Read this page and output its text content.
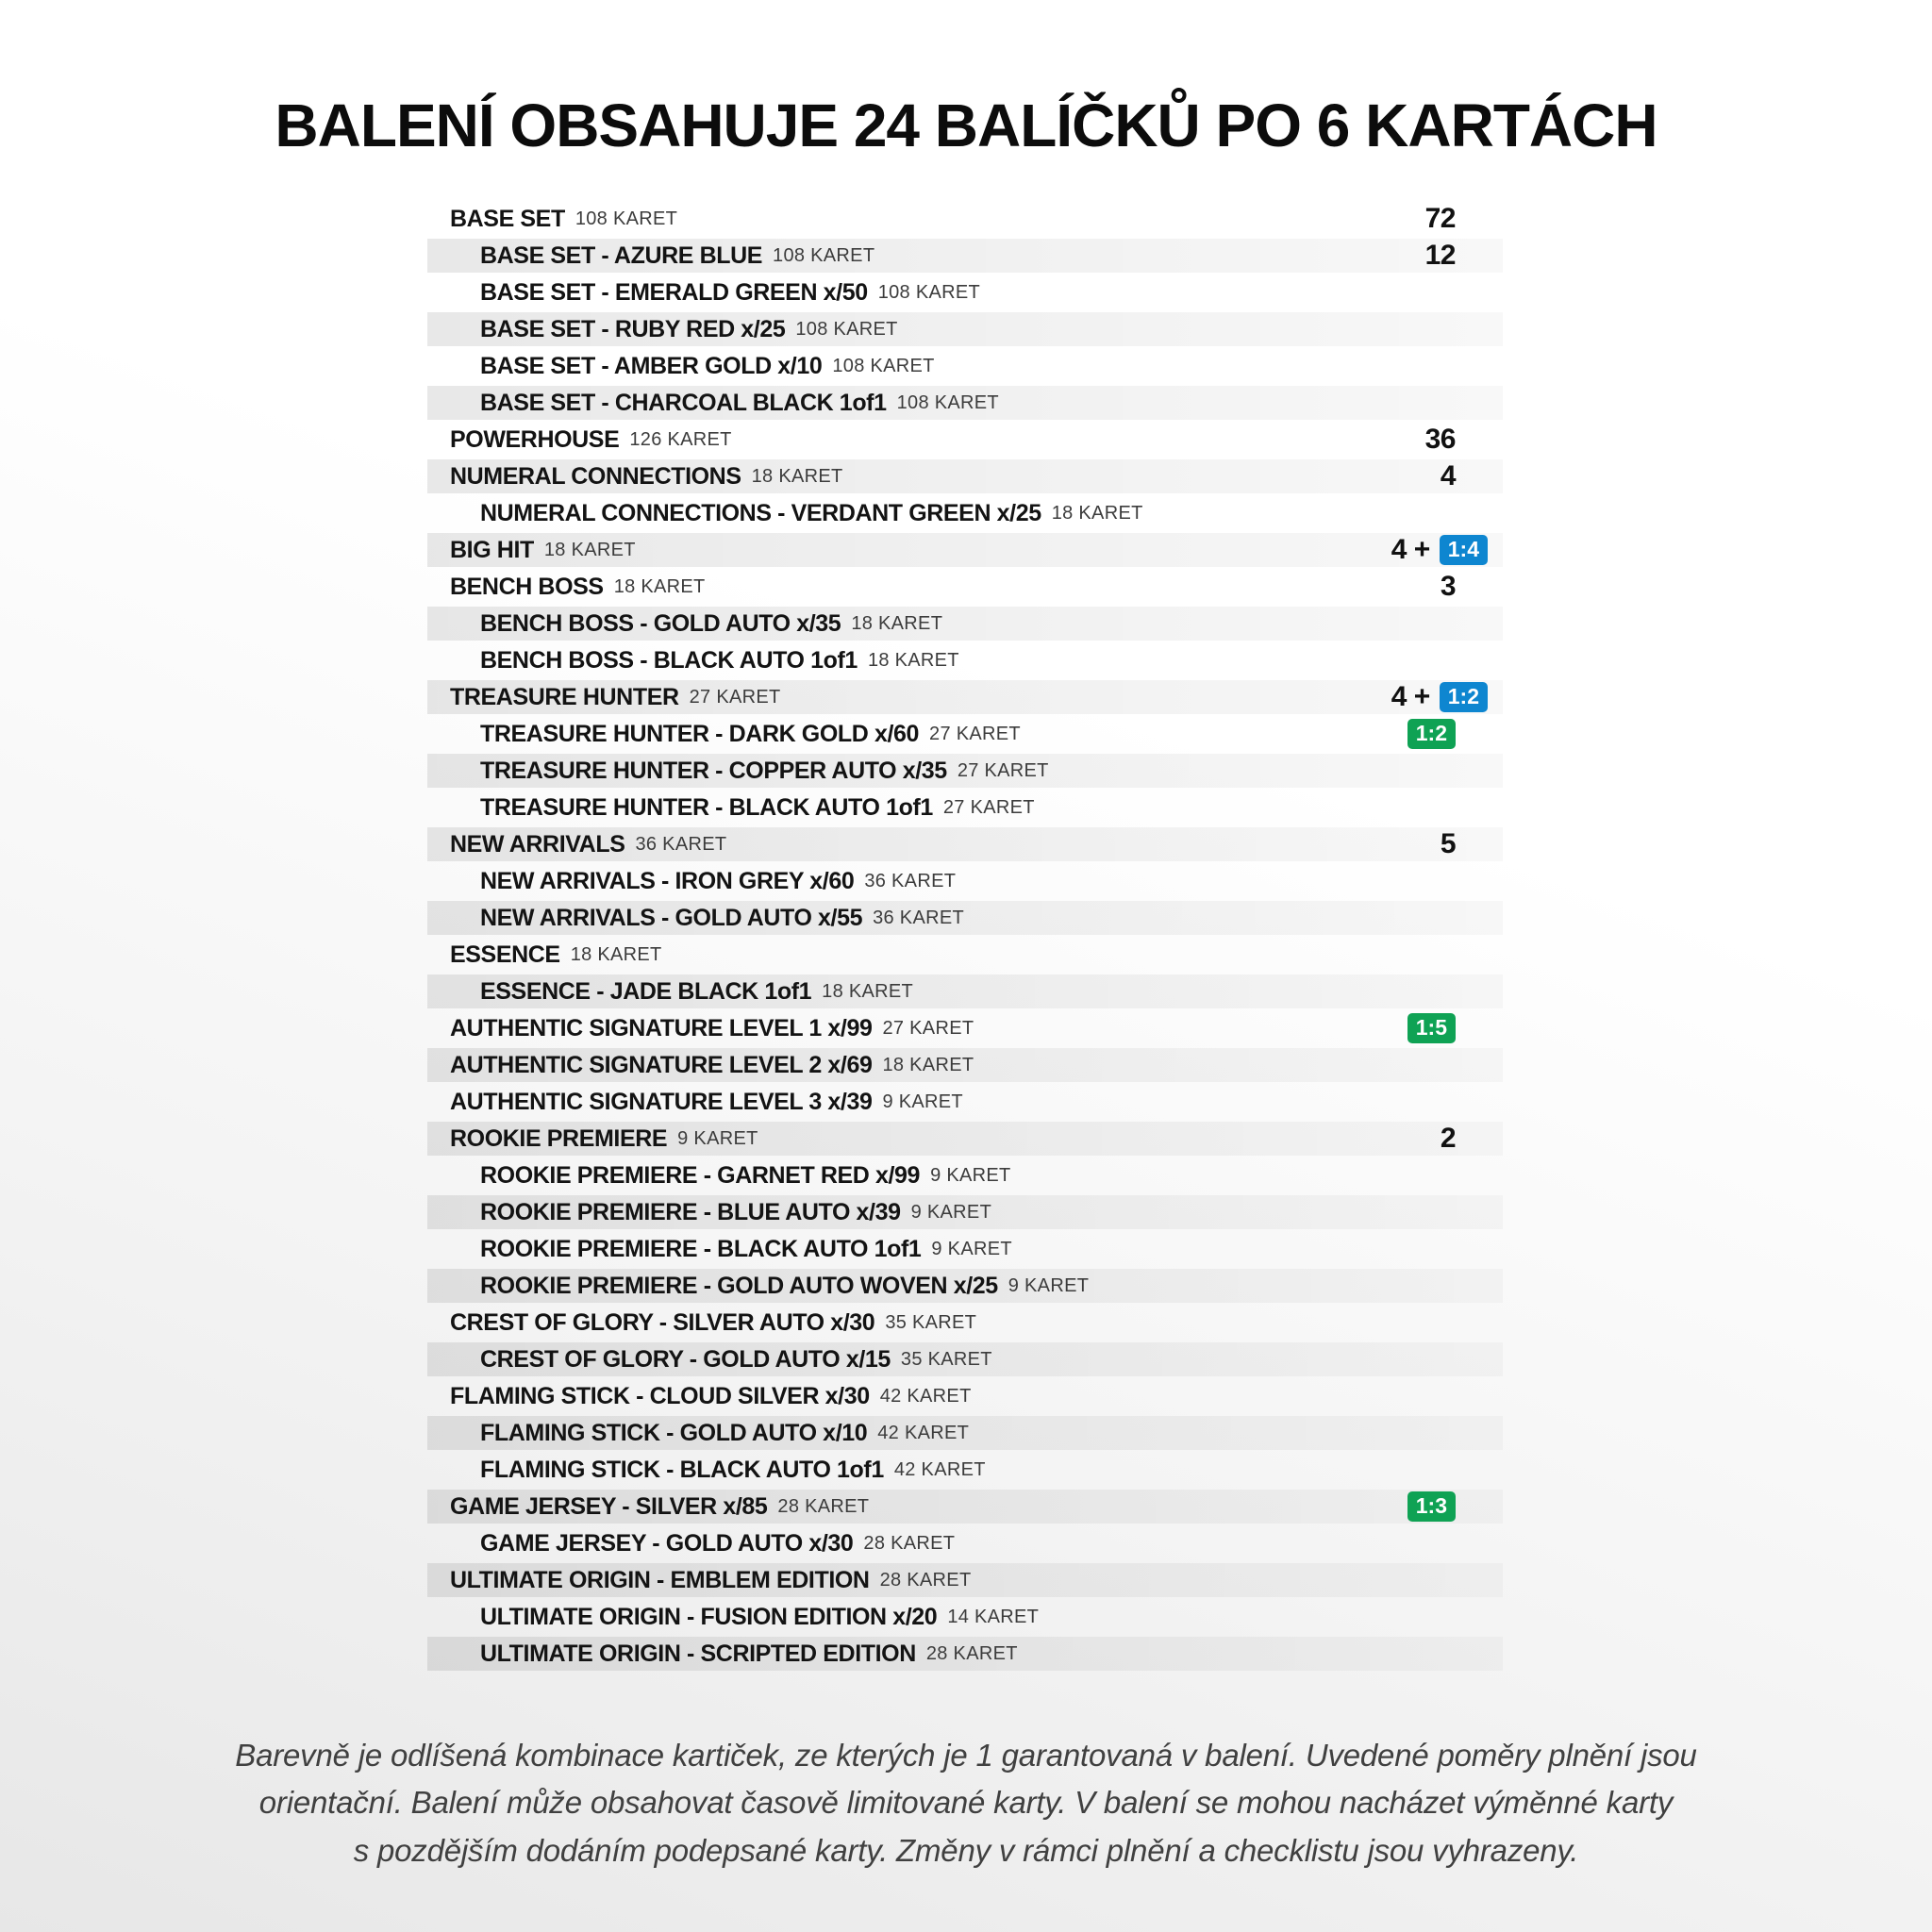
BALENÍ OBSAHUJE 24 BALÍČKŮ PO 6 KARTÁCH
BASE SET 108 KARET	72
BASE SET - AZURE BLUE 108 KARET	12
BASE SET - EMERALD GREEN x/50 108 KARET
BASE SET - RUBY RED x/25 108 KARET
BASE SET - AMBER GOLD x/10 108 KARET
BASE SET - CHARCOAL BLACK 1of1 108 KARET
POWERHOUSE 126 KARET	36
NUMERAL CONNECTIONS 18 KARET	4
NUMERAL CONNECTIONS - VERDANT GREEN x/25 18 KARET
BIG HIT 18 KARET	4 + 1:4
BENCH BOSS 18 KARET	3
BENCH BOSS - GOLD AUTO x/35 18 KARET
BENCH BOSS - BLACK AUTO 1of1 18 KARET
TREASURE HUNTER 27 KARET	4 + 1:2
TREASURE HUNTER - DARK GOLD x/60 27 KARET	1:2
TREASURE HUNTER - COPPER AUTO x/35 27 KARET
TREASURE HUNTER - BLACK AUTO 1of1 27 KARET
NEW ARRIVALS 36 KARET	5
NEW ARRIVALS - IRON GREY x/60 36 KARET
NEW ARRIVALS - GOLD AUTO x/55 36 KARET
ESSENCE 18 KARET
ESSENCE - JADE BLACK 1of1 18 KARET
AUTHENTIC SIGNATURE LEVEL 1 x/99 27 KARET	1:5
AUTHENTIC SIGNATURE LEVEL 2 x/69 18 KARET
AUTHENTIC SIGNATURE LEVEL 3 x/39 9 KARET
ROOKIE PREMIERE 9 KARET	2
ROOKIE PREMIERE - GARNET RED x/99 9 KARET
ROOKIE PREMIERE - BLUE AUTO x/39 9 KARET
ROOKIE PREMIERE - BLACK AUTO 1of1 9 KARET
ROOKIE PREMIERE - GOLD AUTO WOVEN x/25 9 KARET
CREST OF GLORY - SILVER AUTO x/30 35 KARET
CREST OF GLORY - GOLD AUTO x/15 35 KARET
FLAMING STICK - CLOUD SILVER x/30 42 KARET
FLAMING STICK - GOLD AUTO x/10 42 KARET
FLAMING STICK - BLACK AUTO 1of1 42 KARET
GAME JERSEY - SILVER x/85 28 KARET	1:3
GAME JERSEY - GOLD AUTO x/30 28 KARET
ULTIMATE ORIGIN - EMBLEM EDITION 28 KARET
ULTIMATE ORIGIN - FUSION EDITION x/20 14 KARET
ULTIMATE ORIGIN - SCRIPTED EDITION 28 KARET
Barevně je odlíšená kombinace kartiček, ze kterých je 1 garantovaná v balení. Uvedené poměry plnění jsou
orientační. Balení může obsahovat časově limitované karty. V balení se mohou nacházet výměnné karty
s pozdějším dodáním podepsané karty. Změny v rámci plnění a checklistu jsou vyhrazeny.
